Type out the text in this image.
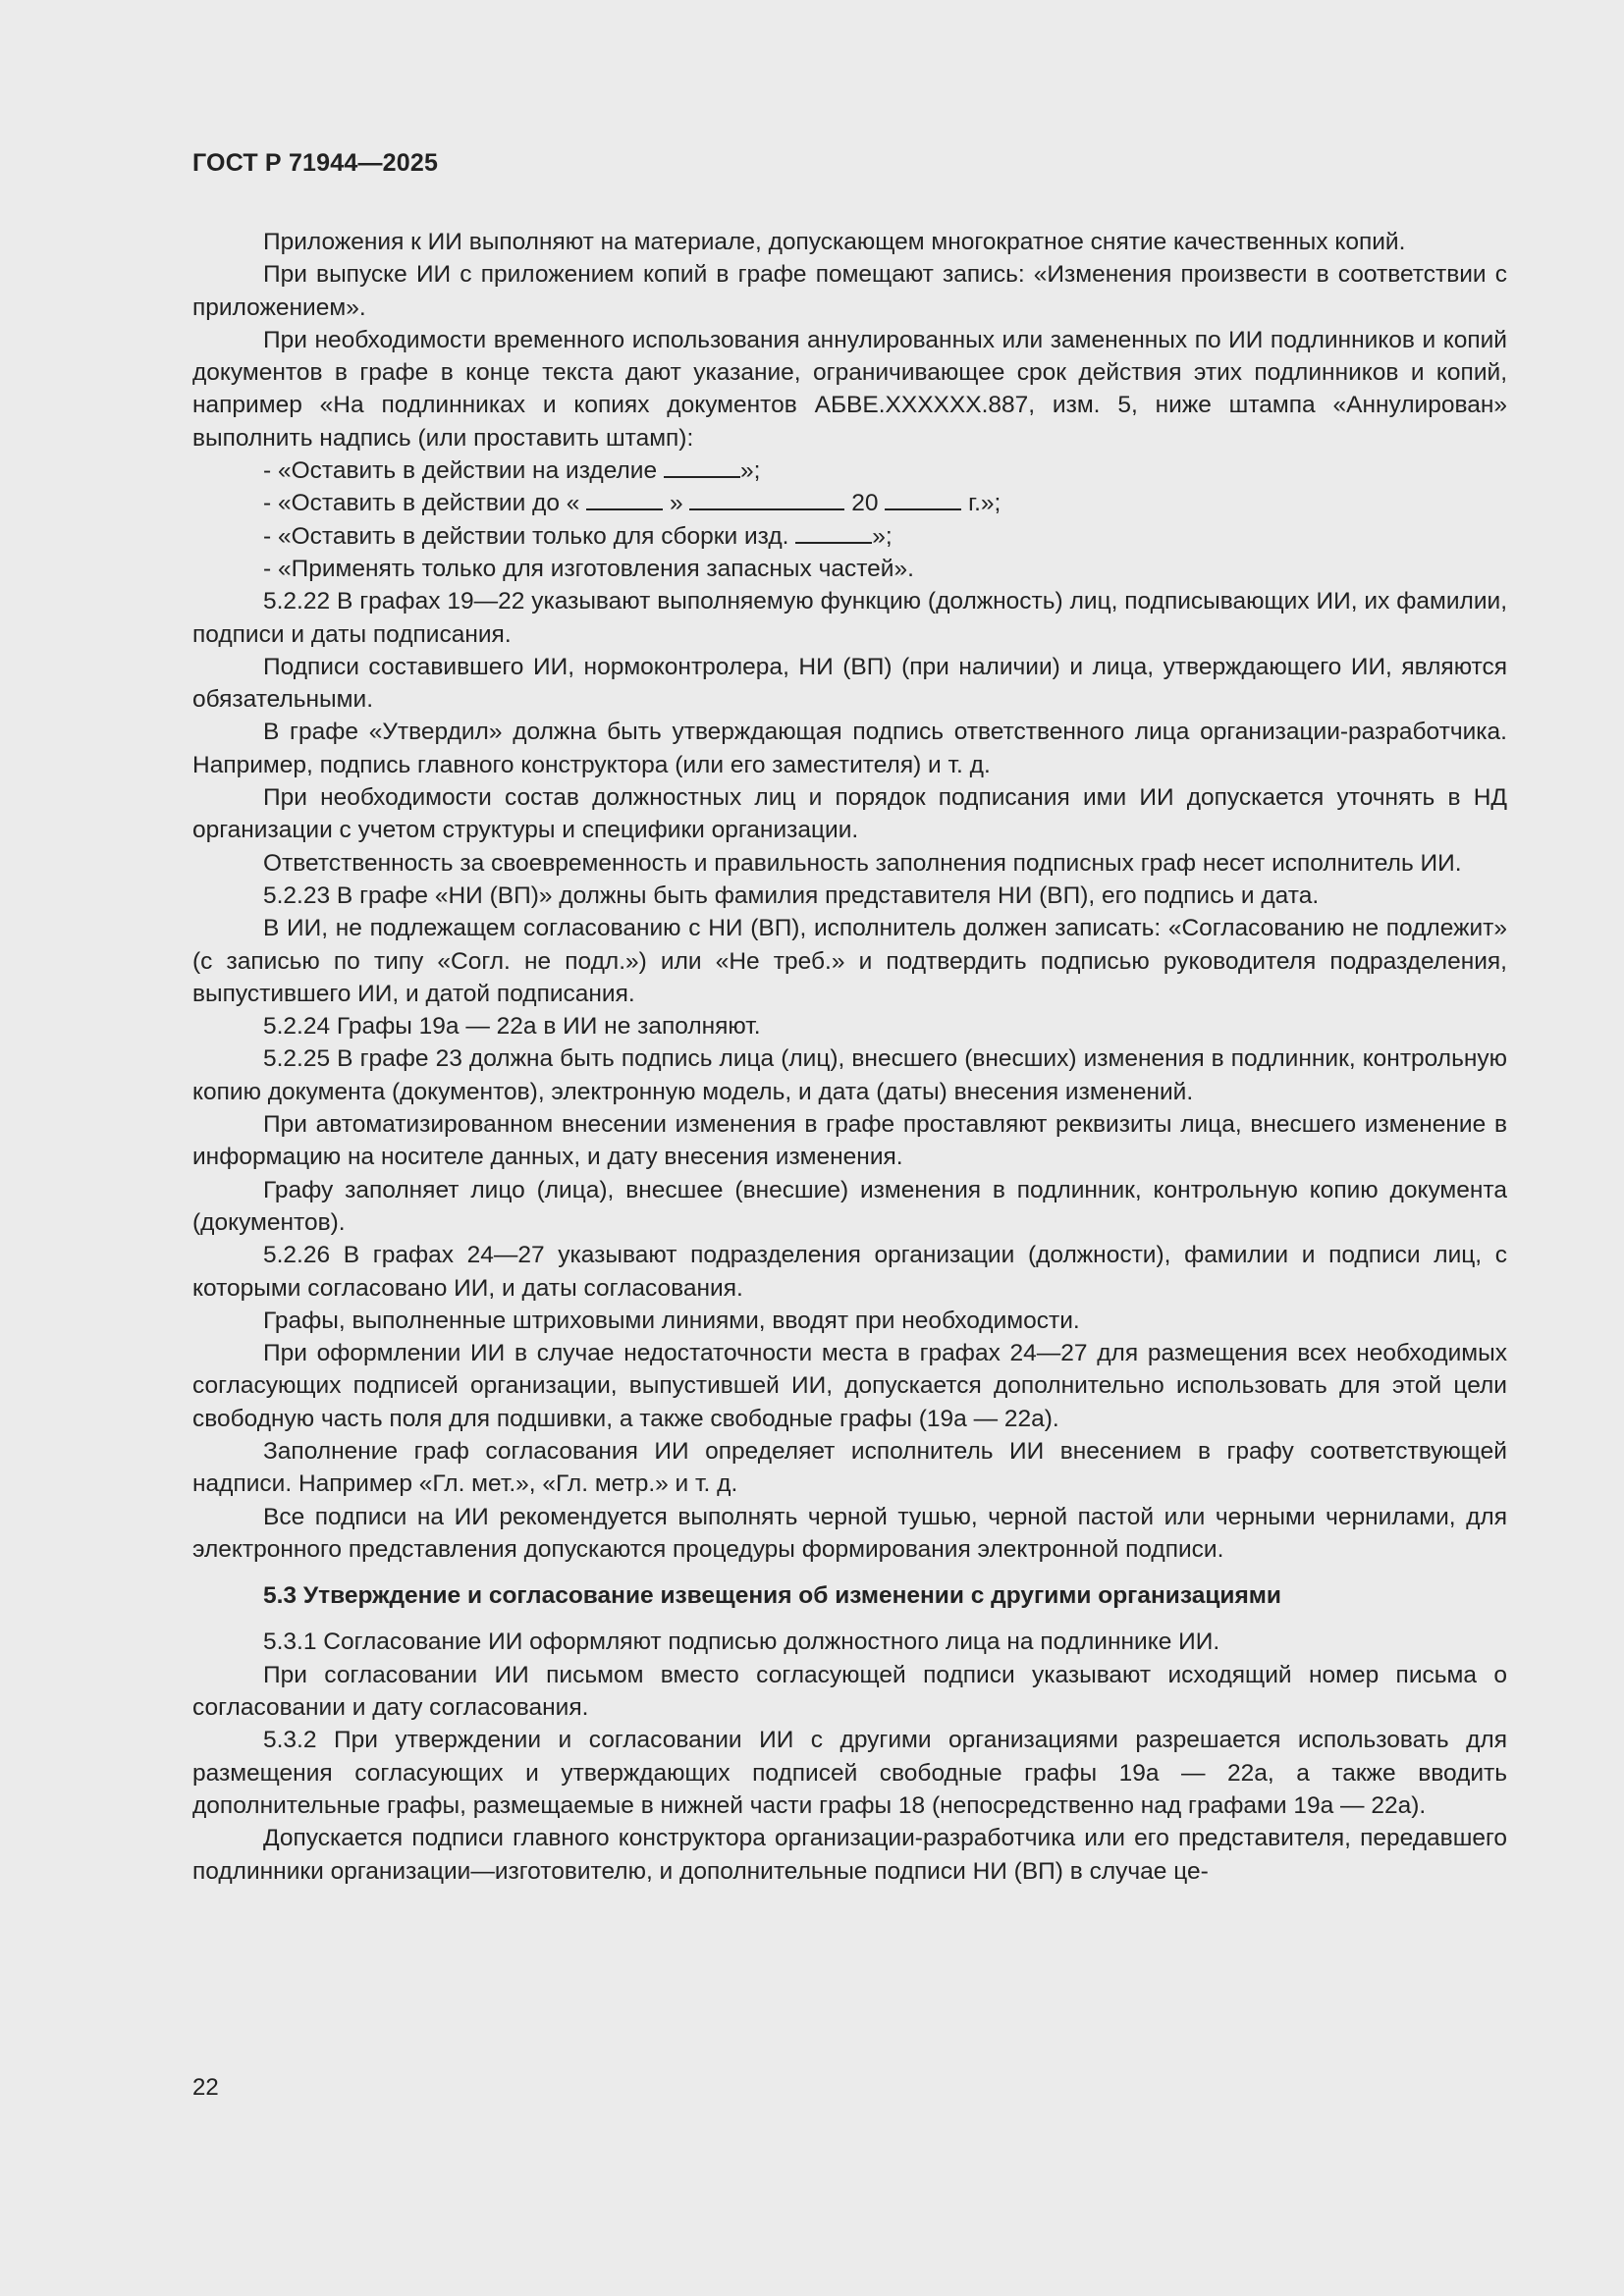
ГОСТ Р 71944—2025

Приложения к ИИ выполняют на материале, допускающем многократное снятие качественных копий.

При выпуске ИИ с приложением копий в графе помещают запись: «Изменения произвести в соответствии с приложением».

При необходимости временного использования аннулированных или замененных по ИИ подлинников и копий документов в графе в конце текста дают указание, ограничивающее срок действия этих подлинников и копий, например «На подлинниках и копиях документов АБВЕ.XXXXXX.887, изм. 5, ниже штампа «Аннулирован» выполнить надпись (или проставить штамп):

- «Оставить в действии на изделие	»;

- «Оставить в действии до «	»	20	г.»;

- «Оставить в действии только для сборки изд.	»;

- «Применять только для изготовления запасных частей».

5.2.22 В графах 19—22 указывают выполняемую функцию (должность) лиц, подписывающих ИИ, их фамилии, подписи и даты подписания.

Подписи составившего ИИ, нормоконтролера, НИ (ВП) (при наличии) и лица, утверждающего ИИ, являются обязательными.

В графе «Утвердил» должна быть утверждающая подпись ответственного лица организации-разработчика. Например, подпись главного конструктора (или его заместителя) и т. д.

При необходимости состав должностных лиц и порядок подписания ими ИИ допускается уточнять в НД организации с учетом структуры и специфики организации.

Ответственность за своевременность и правильность заполнения подписных граф несет исполнитель ИИ.

5.2.23 В графе «НИ (ВП)» должны быть фамилия представителя НИ (ВП), его подпись и дата.

В ИИ, не подлежащем согласованию с НИ (ВП), исполнитель должен записать: «Согласованию не подлежит» (с записью по типу «Согл. не подл.») или «Не треб.» и подтвердить подписью руководителя подразделения, выпустившего ИИ, и датой подписания.

5.2.24 Графы 19а — 22а в ИИ не заполняют.

5.2.25 В графе 23 должна быть подпись лица (лиц), внесшего (внесших) изменения в подлинник, контрольную копию документа (документов), электронную модель, и дата (даты) внесения изменений.

При автоматизированном внесении изменения в графе проставляют реквизиты лица, внесшего изменение в информацию на носителе данных, и дату внесения изменения.

Графу заполняет лицо (лица), внесшее (внесшие) изменения в подлинник, контрольную копию документа (документов).

5.2.26 В графах 24—27 указывают подразделения организации (должности), фамилии и подписи лиц, с которыми согласовано ИИ, и даты согласования.

Графы, выполненные штриховыми линиями, вводят при необходимости.

При оформлении ИИ в случае недостаточности места в графах 24—27 для размещения всех необходимых согласующих подписей организации, выпустившей ИИ, допускается дополнительно использовать для этой цели свободную часть поля для подшивки, а также свободные графы (19а — 22а).

Заполнение граф согласования ИИ определяет исполнитель ИИ внесением в графу соответствующей надписи. Например «Гл. мет.», «Гл. метр.» и т. д.

Все подписи на ИИ рекомендуется выполнять черной тушью, черной пастой или черными чернилами, для электронного представления допускаются процедуры формирования электронной подписи.

5.3 Утверждение и согласование извещения об изменении с другими организациями

5.3.1 Согласование ИИ оформляют подписью должностного лица на подлиннике ИИ.

При согласовании ИИ письмом вместо согласующей подписи указывают исходящий номер письма о согласовании и дату согласования.

5.3.2 При утверждении и согласовании ИИ с другими организациями разрешается использовать для размещения согласующих и утверждающих подписей свободные графы 19а — 22а, а также вводить дополнительные графы, размещаемые в нижней части графы 18 (непосредственно над графами 19а — 22а).

Допускается подписи главного конструктора организации-разработчика или его представителя, передавшего подлинники организации—изготовителю, и дополнительные подписи НИ (ВП) в случае це-

22
